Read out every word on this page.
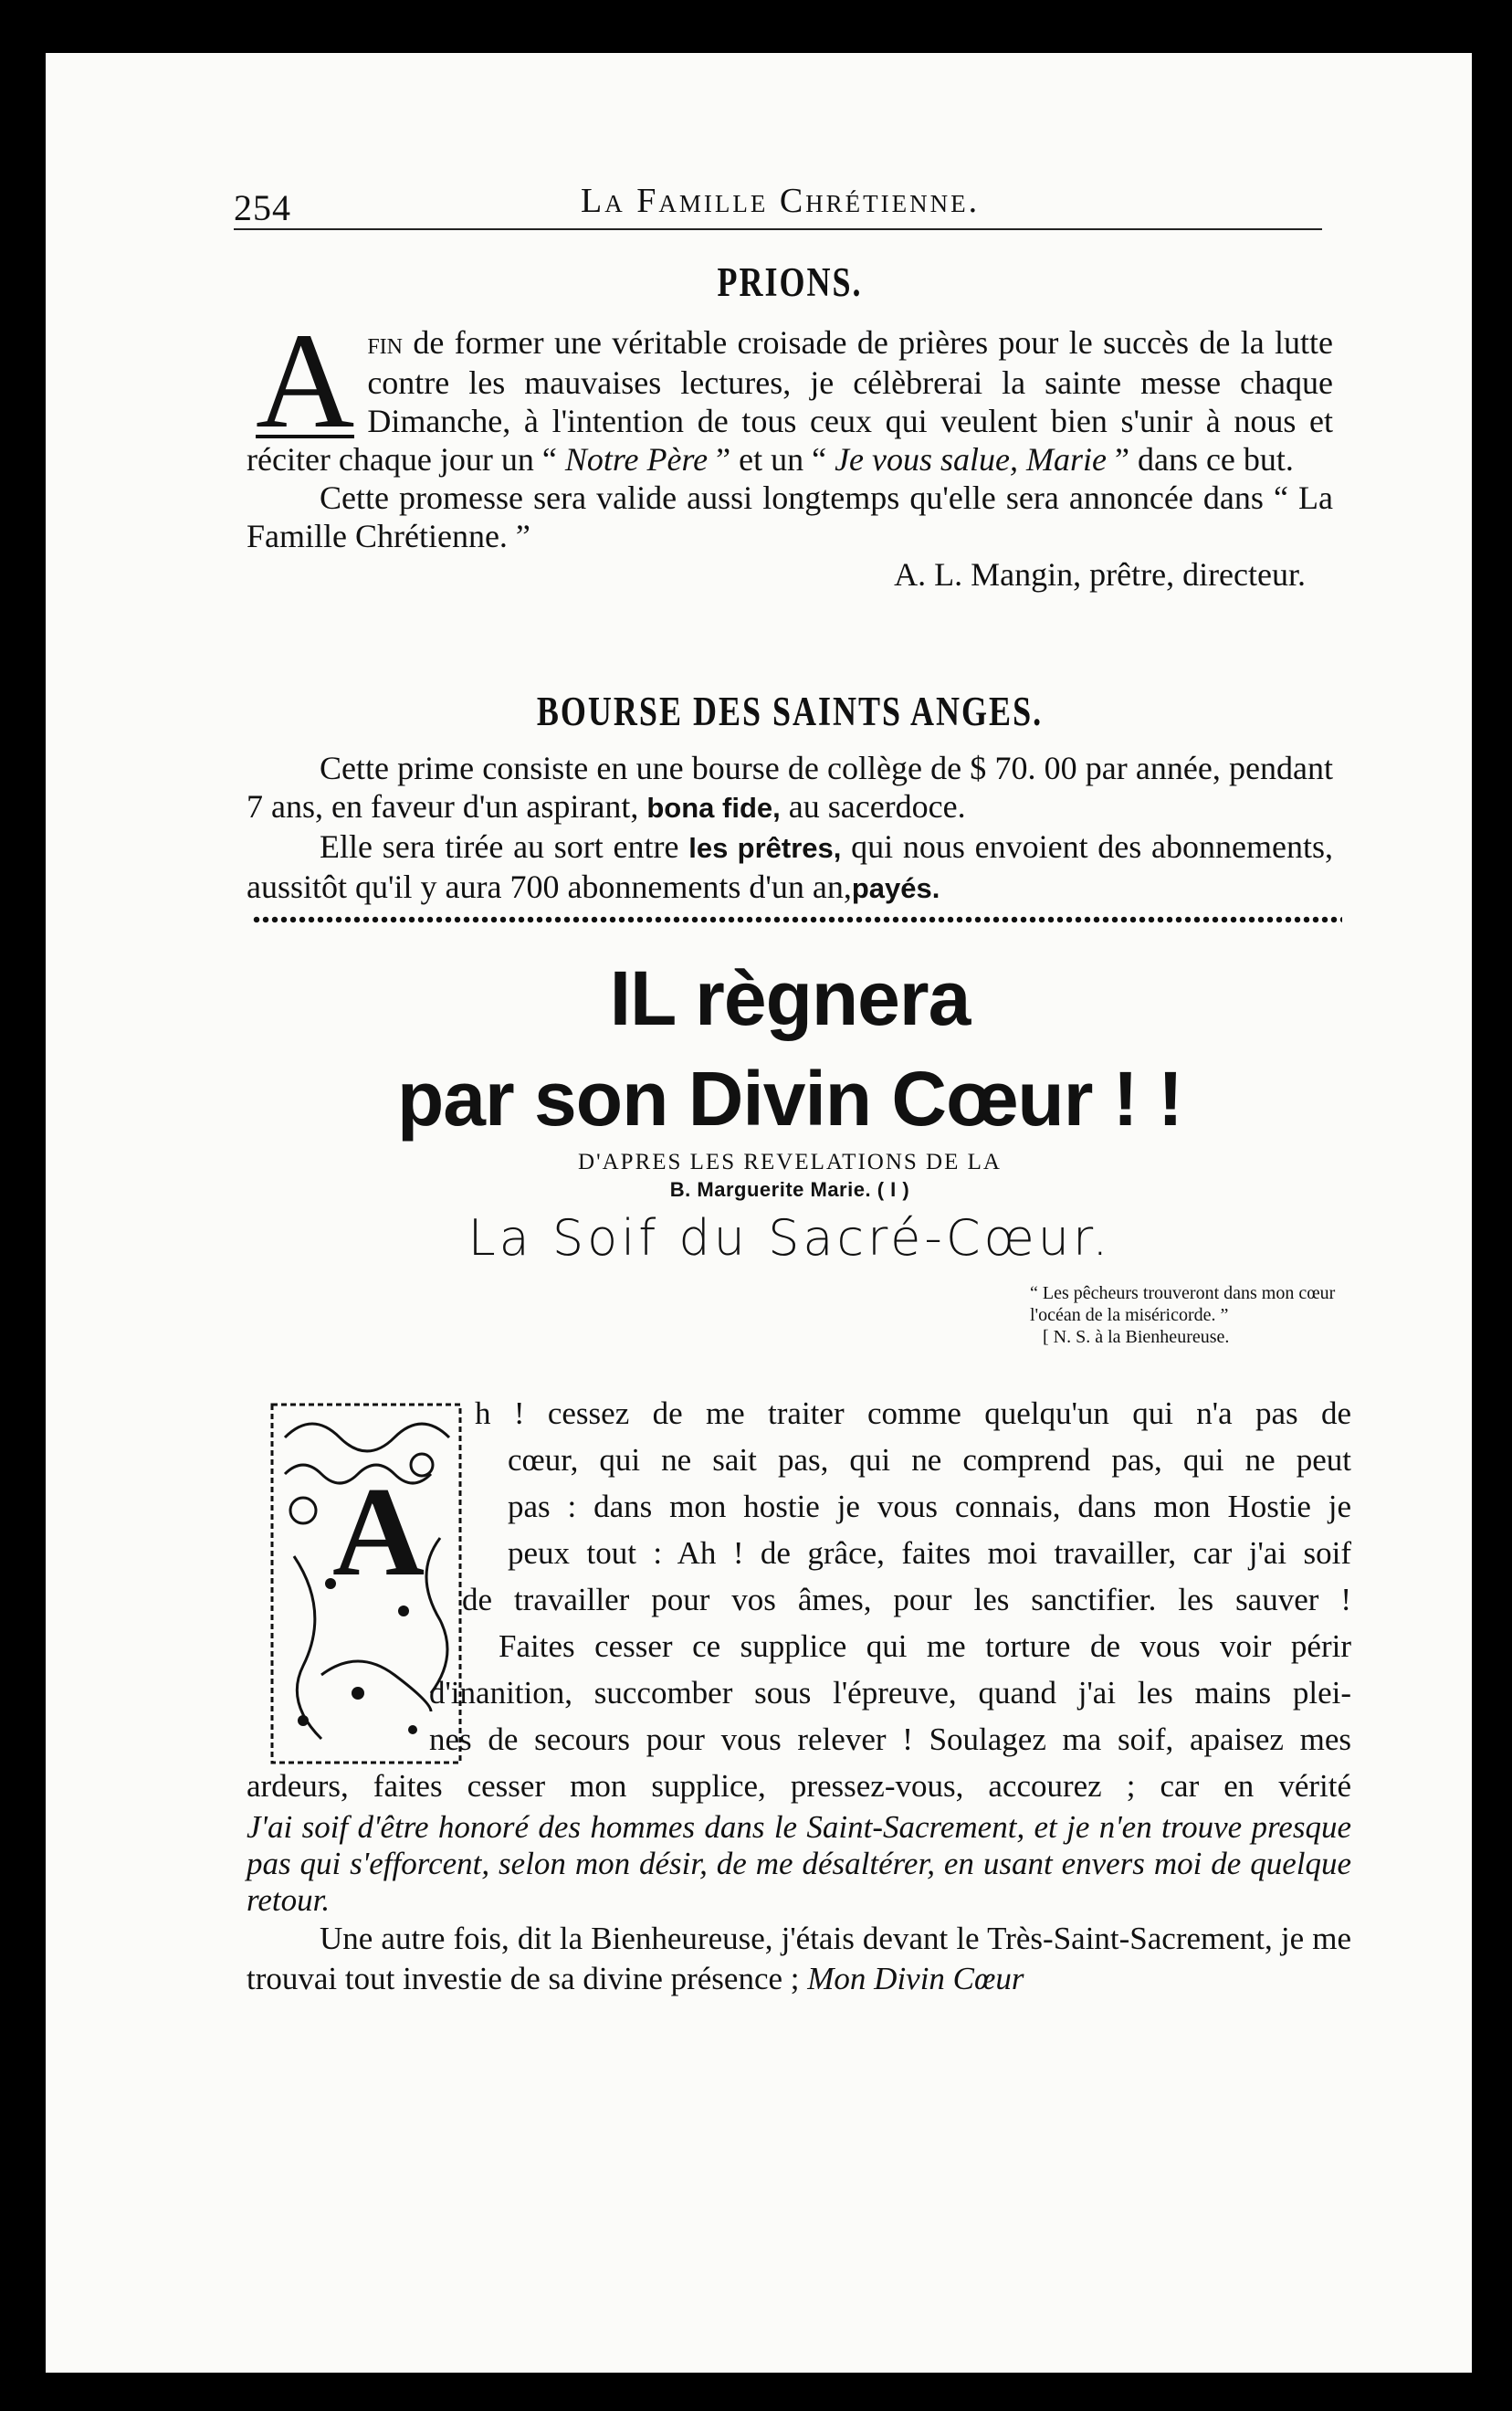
254	La Famille Chrétienne.
PRIONS.

A fin de former une véritable croisade de prières pour le succès de la lutte contre les mauvaises lectures, je célèbrerai la sainte messe chaque Dimanche, à l'intention de tous ceux qui veulent bien s'unir à nous et réciter chaque jour un “ Notre Père ” et un “ Je vous salue, Marie ” dans ce but.

Cette promesse sera valide aussi longtemps qu'elle sera annoncée dans “ La Famille Chrétienne. ”

A. L. Mangin, prêtre, directeur.

BOURSE DES SAINTS ANGES.

Cette prime consiste en une bourse de collège de $ 70. 00 par année, pendant 7 ans, en faveur d'un aspirant, bona fide, au sacerdoce.

Elle sera tirée au sort entre les prêtres, qui nous envoient des abonnements, aussitôt qu'il y aura 700 abonnements d'un an,payés.

IL règnera
par son Divin Cœur ! !
D'APRES LES REVELATIONS DE LA
B. Marguerite Marie. ( I )
La Soif du Sacré-Cœur.
“ Les pêcheurs trouveront dans mon cœur l'océan de la miséricorde. ”
[ N. S. à la Bienheureuse.
A
h ! cessez de me traiter comme quelqu'un qui n'a pas de
cœur, qui ne sait pas, qui ne comprend pas, qui ne peut
pas : dans mon hostie je vous connais, dans mon Hostie je
peux tout : Ah ! de grâce, faites moi travailler, car j'ai soif
de travailler pour vos âmes, pour les sanctifier. les sauver !
Faites cesser ce supplice qui me torture de vous voir périr
d'inanition, succomber sous l'épreuve, quand j'ai les mains plei-
nes de secours pour vous relever ! Soulagez ma soif, apaisez mes
ardeurs, faites cesser mon supplice, pressez-vous, accourez ; car en vérité

J'ai soif d'être honoré des hommes dans le Saint-Sacrement, et je n'en trouve presque pas qui s'efforcent, selon mon désir, de me désaltérer, en usant envers moi de quelque retour.

Une autre fois, dit la Bienheureuse, j'étais devant le Très-Saint-Sacrement, je me trouvai tout investie de sa divine présence ; Mon Divin Cœur
